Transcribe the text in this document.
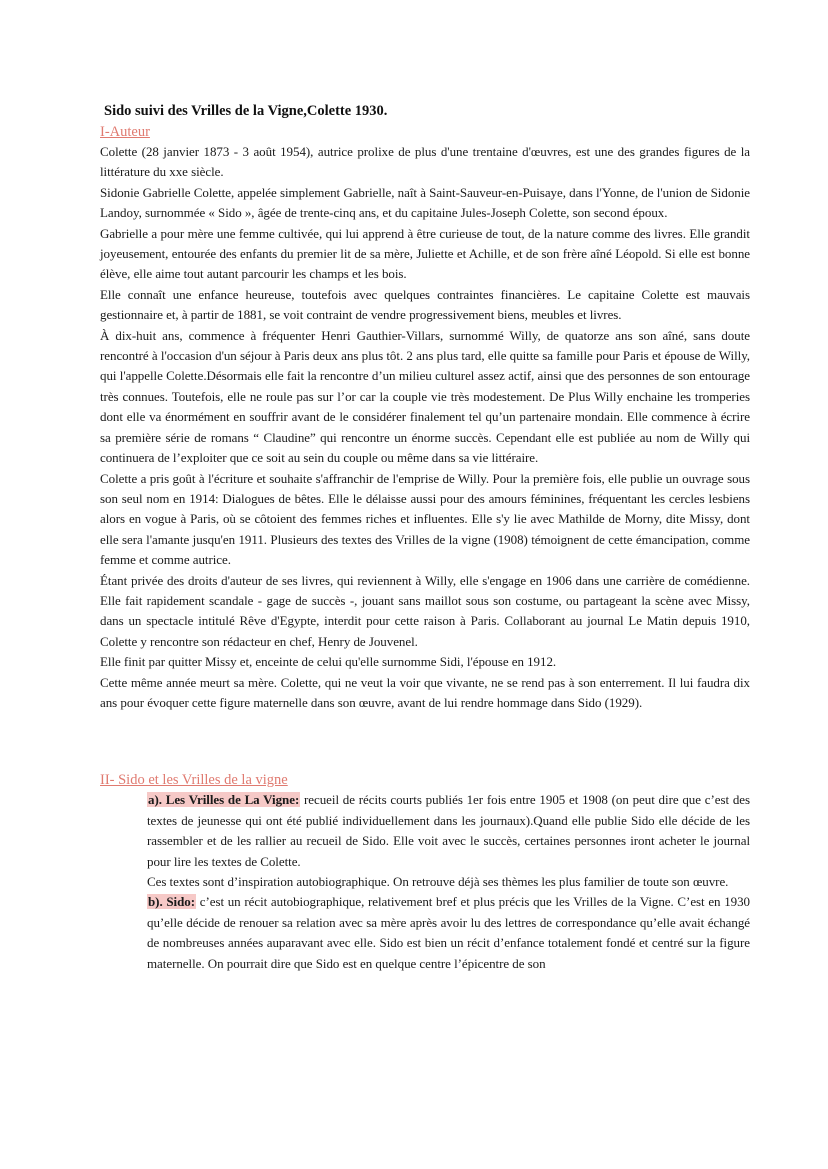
Sido suivi des Vrilles de la Vigne,Colette 1930.

I-Auteur

Colette (28 janvier 1873 - 3 août 1954), autrice prolixe de plus d'une trentaine d'œuvres, est une des grandes figures de la littérature du xxe siècle.

Sidonie Gabrielle Colette, appelée simplement Gabrielle, naît à Saint-Sauveur-en-Puisaye, dans l'Yonne, de l'union de Sidonie Landoy, surnommée « Sido », âgée de trente-cinq ans, et du capitaine Jules-Joseph Colette, son second époux.

Gabrielle a pour mère une femme cultivée, qui lui apprend à être curieuse de tout, de la nature comme des livres. Elle grandit joyeusement, entourée des enfants du premier lit de sa mère, Juliette et Achille, et de son frère aîné Léopold. Si elle est bonne élève, elle aime tout autant parcourir les champs et les bois.

Elle connaît une enfance heureuse, toutefois avec quelques contraintes financières. Le capitaine Colette est mauvais gestionnaire et, à partir de 1881, se voit contraint de vendre progressivement biens, meubles et livres.

À dix-huit ans, commence à fréquenter Henri Gauthier-Villars, surnommé Willy, de quatorze ans son aîné, sans doute rencontré à l'occasion d'un séjour à Paris deux ans plus tôt. 2 ans plus tard, elle quitte sa famille pour Paris et épouse de Willy, qui l'appelle Colette.Désormais elle fait la rencontre d’un milieu culturel assez actif, ainsi que des personnes de son entourage très connues. Toutefois, elle ne roule pas sur l’or car la couple vie très modestement. De Plus Willy enchaine les tromperies dont elle va énormément en souffrir avant de le considérer finalement tel qu’un partenaire mondain. Elle commence à écrire sa première série de romans “ Claudine” qui rencontre un énorme succès. Cependant elle est publiée au nom de Willy qui continuera de l’exploiter que ce soit au sein du couple ou même dans sa vie littéraire.

Colette a pris goût à l'écriture et souhaite s'affranchir de l'emprise de Willy. Pour la première fois, elle publie un ouvrage sous son seul nom en 1914: Dialogues de bêtes. Elle le délaisse aussi pour des amours féminines, fréquentant les cercles lesbiens alors en vogue à Paris, où se côtoient des femmes riches et influentes. Elle s'y lie avec Mathilde de Morny, dite Missy, dont elle sera l'amante jusqu'en 1911. Plusieurs des textes des Vrilles de la vigne (1908) témoignent de cette émancipation, comme femme et comme autrice.

Étant privée des droits d'auteur de ses livres, qui reviennent à Willy, elle s'engage en 1906 dans une carrière de comédienne. Elle fait rapidement scandale - gage de succès -, jouant sans maillot sous son costume, ou partageant la scène avec Missy, dans un spectacle intitulé Rêve d'Egypte, interdit pour cette raison à Paris. Collaborant au journal Le Matin depuis 1910, Colette y rencontre son rédacteur en chef, Henry de Jouvenel.

Elle finit par quitter Missy et, enceinte de celui qu'elle surnomme Sidi, l'épouse en 1912.

Cette même année meurt sa mère. Colette, qui ne veut la voir que vivante, ne se rend pas à son enterrement. Il lui faudra dix ans pour évoquer cette figure maternelle dans son œuvre, avant de lui rendre hommage dans Sido (1929).

II- Sido et les Vrilles de la vigne

a). Les Vrilles de La Vigne: recueil de récits courts publiés 1er fois entre 1905 et 1908 (on peut dire que c’est des textes de jeunesse qui ont été publié individuellement dans les journaux).Quand elle publie Sido elle décide de les rassembler et de les rallier au recueil de Sido. Elle voit avec le succès, certaines personnes iront acheter le journal pour lire les textes de Colette.

Ces textes sont d’inspiration autobiographique. On retrouve déjà ses thèmes les plus familier de toute son œuvre.

b). Sido: c’est un récit autobiographique, relativement bref et plus précis que les Vrilles de la Vigne. C’est en 1930 qu’elle décide de renouer sa relation avec sa mère après avoir lu des lettres de correspondance qu’elle avait échangé de nombreuses années auparavant avec elle. Sido est bien un récit d’enfance totalement fondé et centré sur la figure maternelle. On pourrait dire que Sido est en quelque centre l’épicentre de son
